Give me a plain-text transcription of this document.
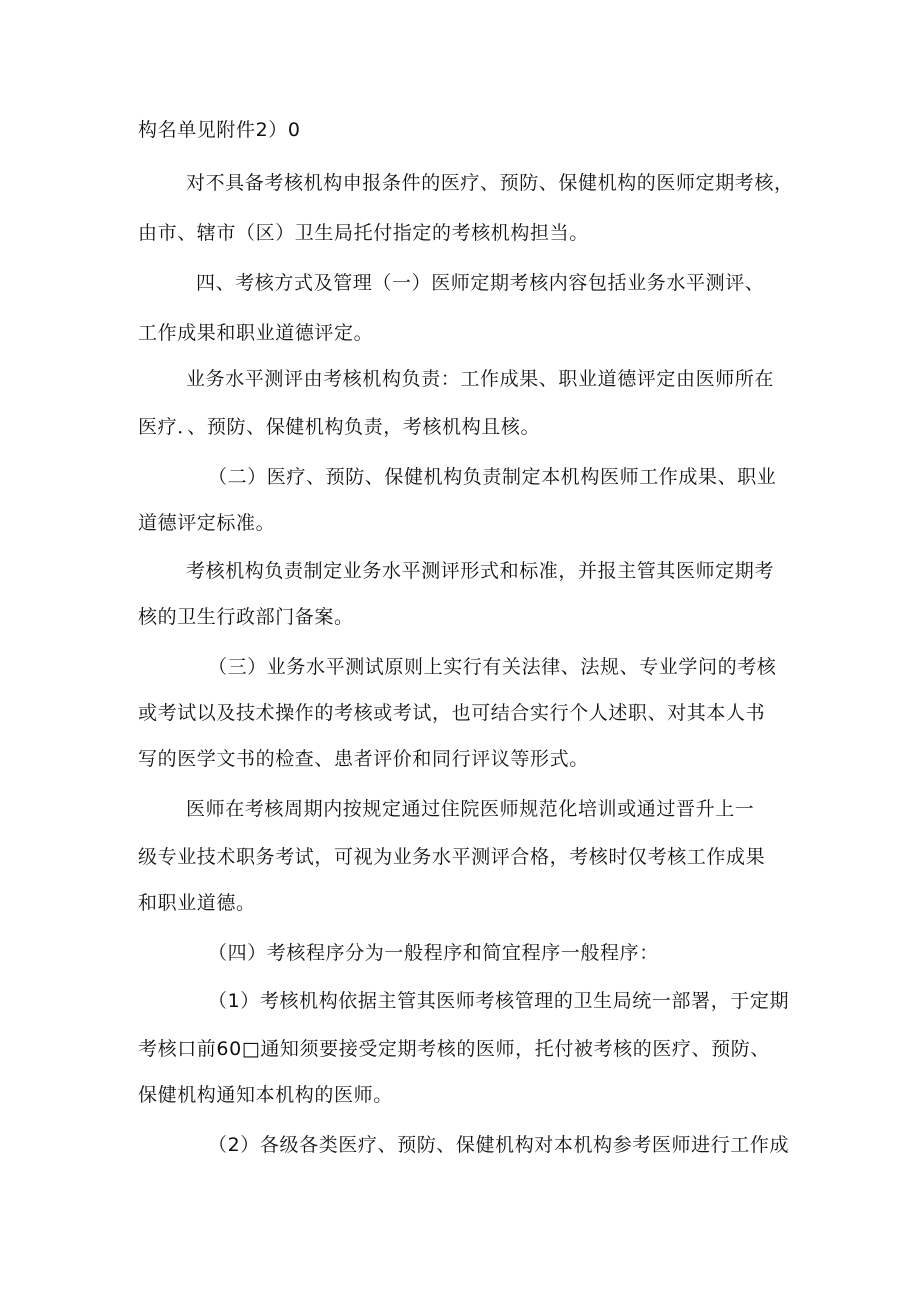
构名单见附件2）0
对不具备考核机构申报条件的医疗、预防、保健机构的医师定期考核，
由市、辖市（区）卫生局托付指定的考核机构担当。
四、考核方式及管理（一）医师定期考核内容包括业务水平测评、
工作成果和职业道德评定。
业务水平测评由考核机构负责：工作成果、职业道德评定由医师所在
医疗．、预防、保健机构负责，考核机构且核。
（二）医疗、预防、保健机构负责制定本机构医师工作成果、职业
道德评定标准。
考核机构负责制定业务水平测评形式和标准，并报主管其医师定期考
核的卫生行政部门备案。
（三）业务水平测试原则上实行有关法律、法规、专业学问的考核
或考试以及技术操作的考核或考试，也可结合实行个人述职、对其本人书
写的医学文书的检查、患者评价和同行评议等形式。
医师在考核周期内按规定通过住院医师规范化培训或通过晋升上一
级专业技术职务考试，可视为业务水平测评合格，考核时仅考核工作成果
和职业道德。
（四）考核程序分为一般程序和简宜程序一般程序：
（1）考核机构依据主管其医师考核管理的卫生局统一部署，于定期
考核口前60□通知须要接受定期考核的医师，托付被考核的医疗、预防、
保健机构通知本机构的医师。
（2）各级各类医疗、预防、保健机构对本机构参考医师进行工作成
